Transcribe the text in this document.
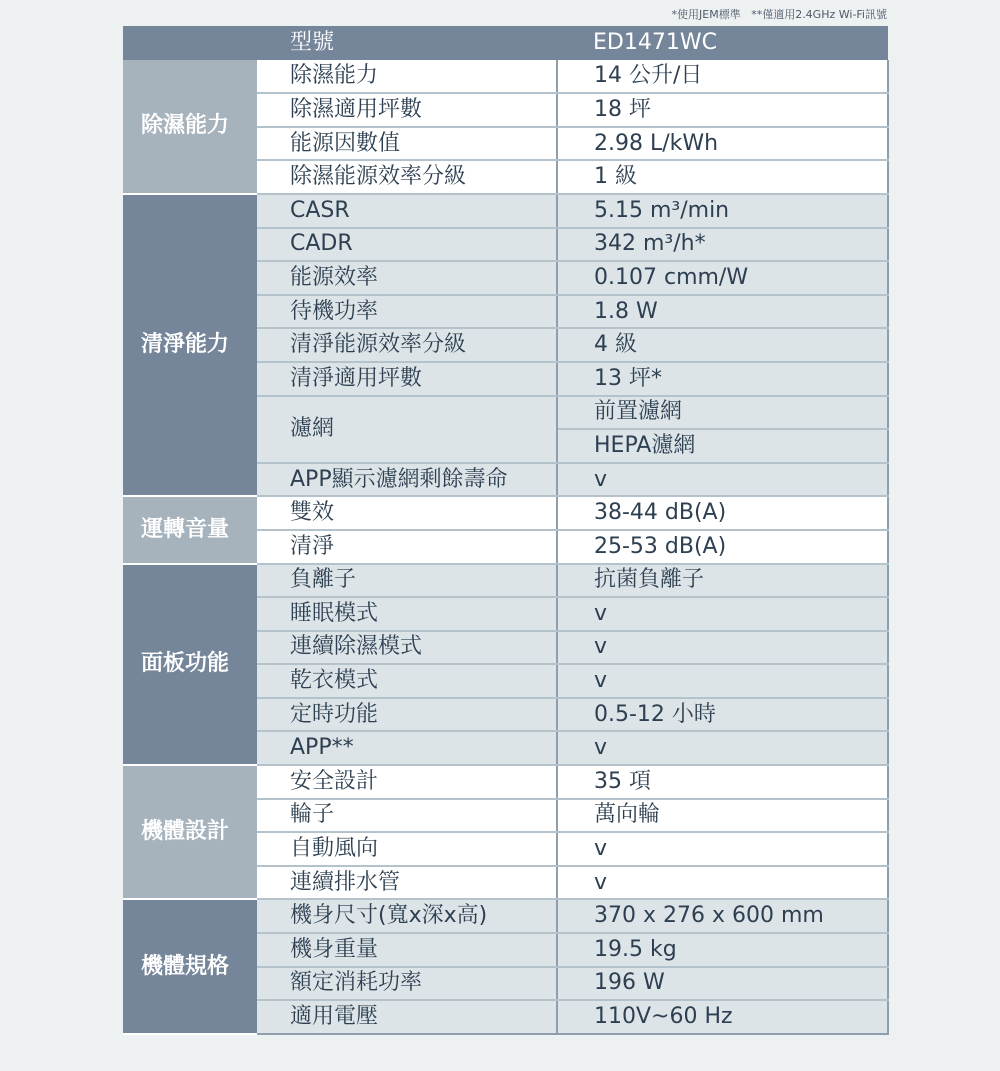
*使用JEM標準   **僅適用2.4GHz Wi-Fi訊號
	型號	ED1471WC
除濕能力	除濕能力	14 公升/日
	除濕適用坪數	18 坪
	能源因數值	2.98 L/kWh
	除濕能源效率分級	1 級
清淨能力	CASR	5.15 m³/min
	CADR	342 m³/h*
	能源效率	0.107 cmm/W
	待機功率	1.8 W
	清淨能源效率分級	4 級
	清淨適用坪數	13 坪*
	濾網	前置濾網
		HEPA濾網
	APP顯示濾網剩餘壽命	v
運轉音量	雙效	38-44 dB(A)
	清淨	25-53 dB(A)
面板功能	負離子	抗菌負離子
	睡眠模式	v
	連續除濕模式	v
	乾衣模式	v
	定時功能	0.5-12 小時
	APP**	v
機體設計	安全設計	35 項
	輪子	萬向輪
	自動風向	v
	連續排水管	v
機體規格	機身尺寸(寬x深x高)	370 x 276 x 600 mm
	機身重量	19.5 kg
	額定消耗功率	196 W
	適用電壓	110V~60 Hz
